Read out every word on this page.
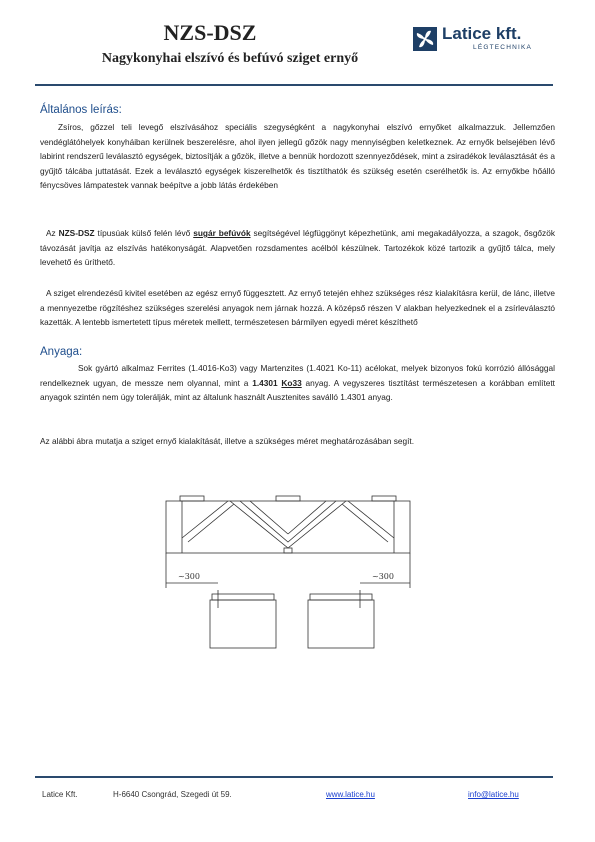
NZS-DSZ
Nagykonyhai elszívó és befúvó sziget ernyő
Latice kft.
LÉGTECHNIKA
Általános leírás:

Zsíros, gőzzel teli levegő elszívásához speciális szegységként a nagykonyhai elszívó ernyőket alkalmazzuk. Jellemzően vendéglátóhelyek konyháiban kerülnek beszerelésre, ahol ilyen jellegű gőzök nagy mennyiségben keletkeznek. Az ernyők belsejében lévő labirint rendszerű leválasztó egységek, biztosítják a gőzök, illetve a bennük hordozott szennyeződések, mint a zsiradékok leválasztását és a gyűjtő tálcába juttatását. Ezek a leválasztó egységek kiszerelhetők és tisztíthatók és szükség esetén cserélhetők is. Az ernyőkbe hőálló fénycsöves lámpatestek vannak beépítve a jobb látás érdekében

Az NZS-DSZ típusúak külső felén lévő sugár befúvók segítségével légfüggönyt képezhetünk, ami megakadályozza, a szagok, ősgőzök távozását javítja az elszívás hatékonyságát. Alapvetően rozsdamentes acélból készülnek. Tartozékok közé tartozik a gyűjtő tálca, mely levehető és üríthető.

A sziget elrendezésű kivitel esetében az egész ernyő függesztett. Az ernyő tetején ehhez szükséges rész kialakításra kerül, de lánc, illetve a mennyezetbe rögzítéshez szükséges szerelési anyagok nem járnak hozzá. A középső részen V alakban helyezkednek el a zsírleválasztó kazetták. A lentebb ismertetett típus méretek mellett, természetesen bármilyen egyedi méret készíthető

Anyaga:

Sok gyártó alkalmaz Ferrites (1.4016-Ko3) vagy Martenzites (1.4021 Ko-11) acélokat, melyek bizonyos fokú korrózió állósággal rendelkeznek ugyan, de messze nem olyannal, mint a 1.4301 Ko33 anyag. A vegyszeres tisztítást természetesen a korábban említett anyagok szintén nem úgy tolerálják, mint az általunk használt Ausztenites saválló 1.4301 anyag.

Az alábbi ábra mutatja a sziget ernyő kialakítását, illetve a szükséges méret meghatározásában segít.

~300	~300
Latice Kft.	H-6640 Csongrád, Szegedi út 59.	www.latice.hu	info@latice.hu
